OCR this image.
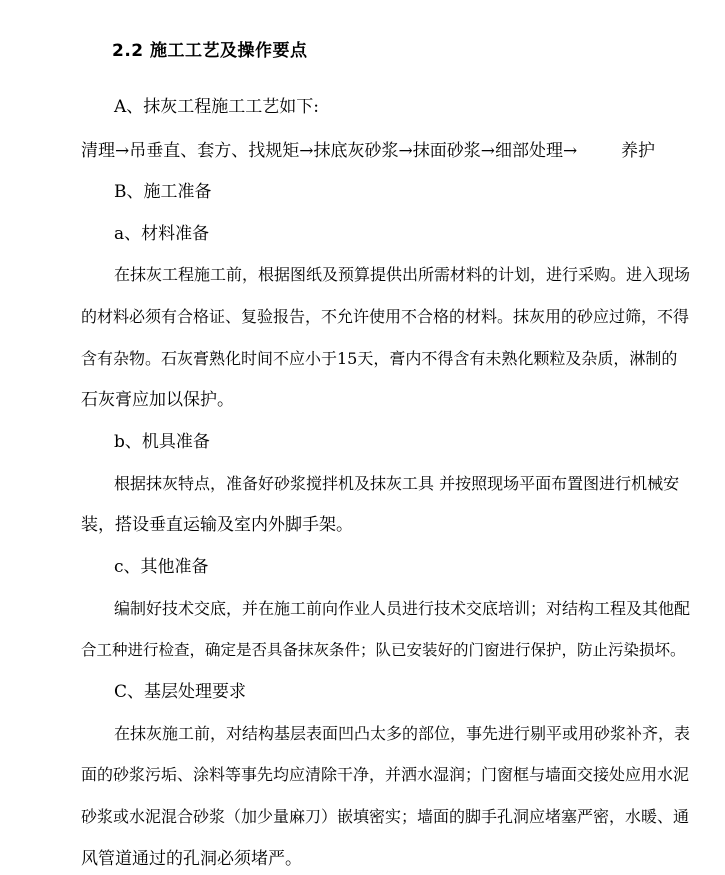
2.2 施工工艺及操作要点
A、抹灰工程施工工艺如下:
清理→吊垂直、套方、找规矩→抹底灰砂浆→抹面砂浆→细部处理→	养护
B、施工准备
a、材料准备
在抹灰工程施工前，根据图纸及预算提供出所需材料的计划，进行采购。进入现场
的材料必须有合格证、复验报告，不允许使用不合格的材料。抹灰用的砂应过筛，不得
含有杂物。石灰膏熟化时间不应小于15天，膏内不得含有未熟化颗粒及杂质，淋制的
石灰膏应加以保护。
b、机具准备
根据抹灰特点，准备好砂浆搅拌机及抹灰工具 并按照现场平面布置图进行机械安
装，搭设垂直运输及室内外脚手架。
c、其他准备
编制好技术交底，并在施工前向作业人员进行技术交底培训；对结构工程及其他配
合工种进行检查，确定是否具备抹灰条件；队已安装好的门窗进行保护，防止污染损坏。
C、基层处理要求
在抹灰施工前，对结构基层表面凹凸太多的部位，事先进行剔平或用砂浆补齐，表
面的砂浆污垢、涂料等事先均应清除干净，并洒水湿润；门窗框与墙面交接处应用水泥
砂浆或水泥混合砂浆（加少量麻刀）嵌填密实；墙面的脚手孔洞应堵塞严密，水暖、通
风管道通过的孔洞必须堵严。
